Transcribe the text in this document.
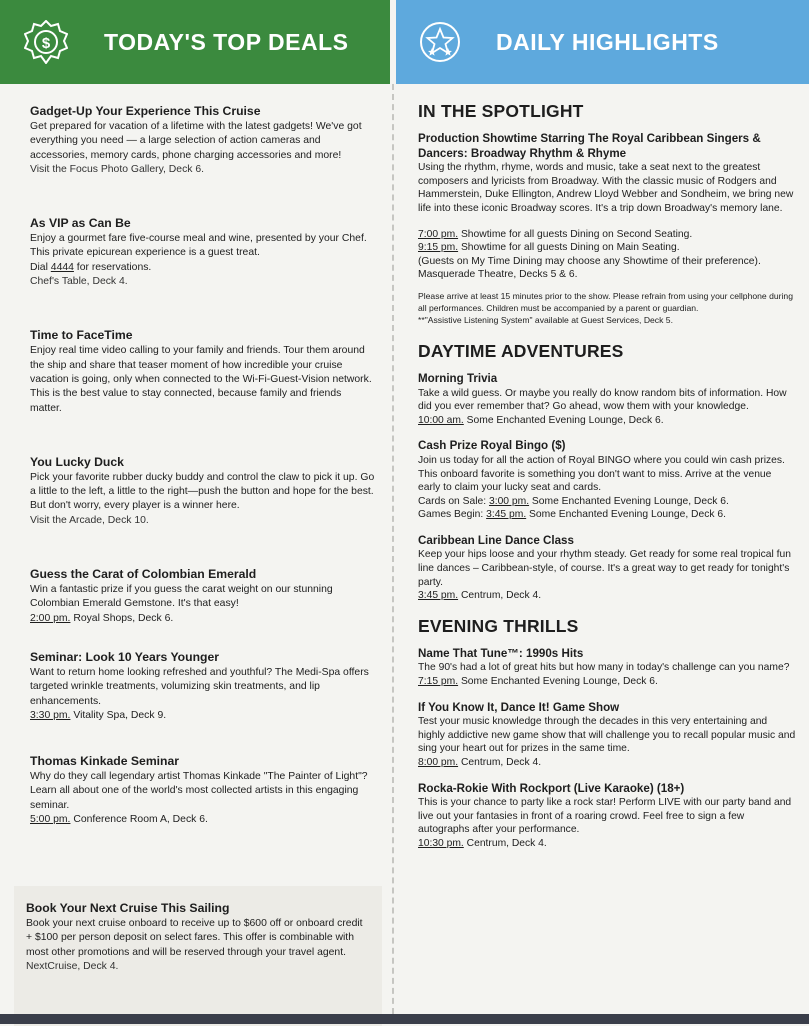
$ TODAY'S TOP DEALS	DAILY HIGHLIGHTS
Gadget-Up Your Experience This Cruise

Get prepared for vacation of a lifetime with the latest gadgets! We've got everything you need — a large selection of action cameras and accessories, memory cards, phone charging accessories and more!

Visit the Focus Photo Gallery, Deck 6.
As VIP as Can Be

Enjoy a gourmet fare five-course meal and wine, presented by your Chef. This private epicurean experience is a guest treat.

Dial 4444 for reservations.
Chef's Table, Deck 4.
Time to FaceTime

Enjoy real time video calling to your family and friends. Tour them around the ship and share that teaser moment of how incredible your cruise vacation is going, only when connected to the Wi-Fi-Guest-Vision network. This is the best value to stay connected, because family and friends matter.

You Lucky Duck

Pick your favorite rubber ducky buddy and control the claw to pick it up. Go a little to the left, a little to the right—push the button and hope for the best. But don't worry, every player is a winner here.

Visit the Arcade, Deck 10.
Guess the Carat of Colombian Emerald

Win a fantastic prize if you guess the carat weight on our stunning Colombian Emerald Gemstone. It's that easy!

2:00 pm. Royal Shops, Deck 6.
Seminar: Look 10 Years Younger

Want to return home looking refreshed and youthful? The Medi-Spa offers targeted wrinkle treatments, volumizing skin treatments, and lip enhancements.

3:30 pm. Vitality Spa, Deck 9.
Thomas Kinkade Seminar

Why do they call legendary artist Thomas Kinkade "The Painter of Light"? Learn all about one of the world's most collected artists in this engaging seminar.

5:00 pm. Conference Room A, Deck 6.
Book Your Next Cruise This Sailing

Book your next cruise onboard to receive up to $600 off or onboard credit + $100 per person deposit on select fares. This offer is combinable with most other promotions and will be reserved through your travel agent.

NextCruise, Deck 4.
IN THE SPOTLIGHT
Production Showtime Starring The Royal Caribbean Singers & Dancers: Broadway Rhythm & Rhyme

Using the rhythm, rhyme, words and music, take a seat next to the greatest composers and lyricists from Broadway. With the classic music of Rodgers and Hammerstein, Duke Ellington, Andrew Lloyd Webber and Sondheim, we bring new life into these iconic Broadway scores. It's a trip down Broadway's memory lane.

7:00 pm. Showtime for all guests Dining on Second Seating.
9:15 pm. Showtime for all guests Dining on Main Seating.
(Guests on My Time Dining may choose any Showtime of their preference).
Masquerade Theatre, Decks 5 & 6.

Please arrive at least 15 minutes prior to the show. Please refrain from using your cellphone during all performances. Children must be accompanied by a parent or guardian.

**"Assistive Listening System" available at Guest Services, Deck 5.

DAYTIME ADVENTURES
Morning Trivia

Take a wild guess. Or maybe you really do know random bits of information. How did you ever remember that? Go ahead, wow them with your knowledge.

10:00 am. Some Enchanted Evening Lounge, Deck 6.
Cash Prize Royal Bingo ($)

Join us today for all the action of Royal BINGO where you could win cash prizes. This onboard favorite is something you don't want to miss. Arrive at the venue early to claim your lucky seat and cards.

Cards on Sale: 3:00 pm. Some Enchanted Evening Lounge, Deck 6.
Games Begin: 3:45 pm. Some Enchanted Evening Lounge, Deck 6.
Caribbean Line Dance Class

Keep your hips loose and your rhythm steady. Get ready for some real tropical fun line dances – Caribbean-style, of course. It's a great way to get ready for tonight's party.

3:45 pm. Centrum, Deck 4.
EVENING THRILLS
Name That Tune™: 1990s Hits

The 90's had a lot of great hits but how many in today's challenge can you name?

7:15 pm. Some Enchanted Evening Lounge, Deck 6.
If You Know It, Dance It! Game Show

Test your music knowledge through the decades in this very entertaining and highly addictive new game show that will challenge you to recall popular music and sing your heart out for prizes in the same time.

8:00 pm. Centrum, Deck 4.
Rocka-Rokie With Rockport (Live Karaoke) (18+)

This is your chance to party like a rock star! Perform LIVE with our party band and live out your fantasies in front of a roaring crowd. Feel free to sign a few autographs after your performance.

10:30 pm. Centrum, Deck 4.
